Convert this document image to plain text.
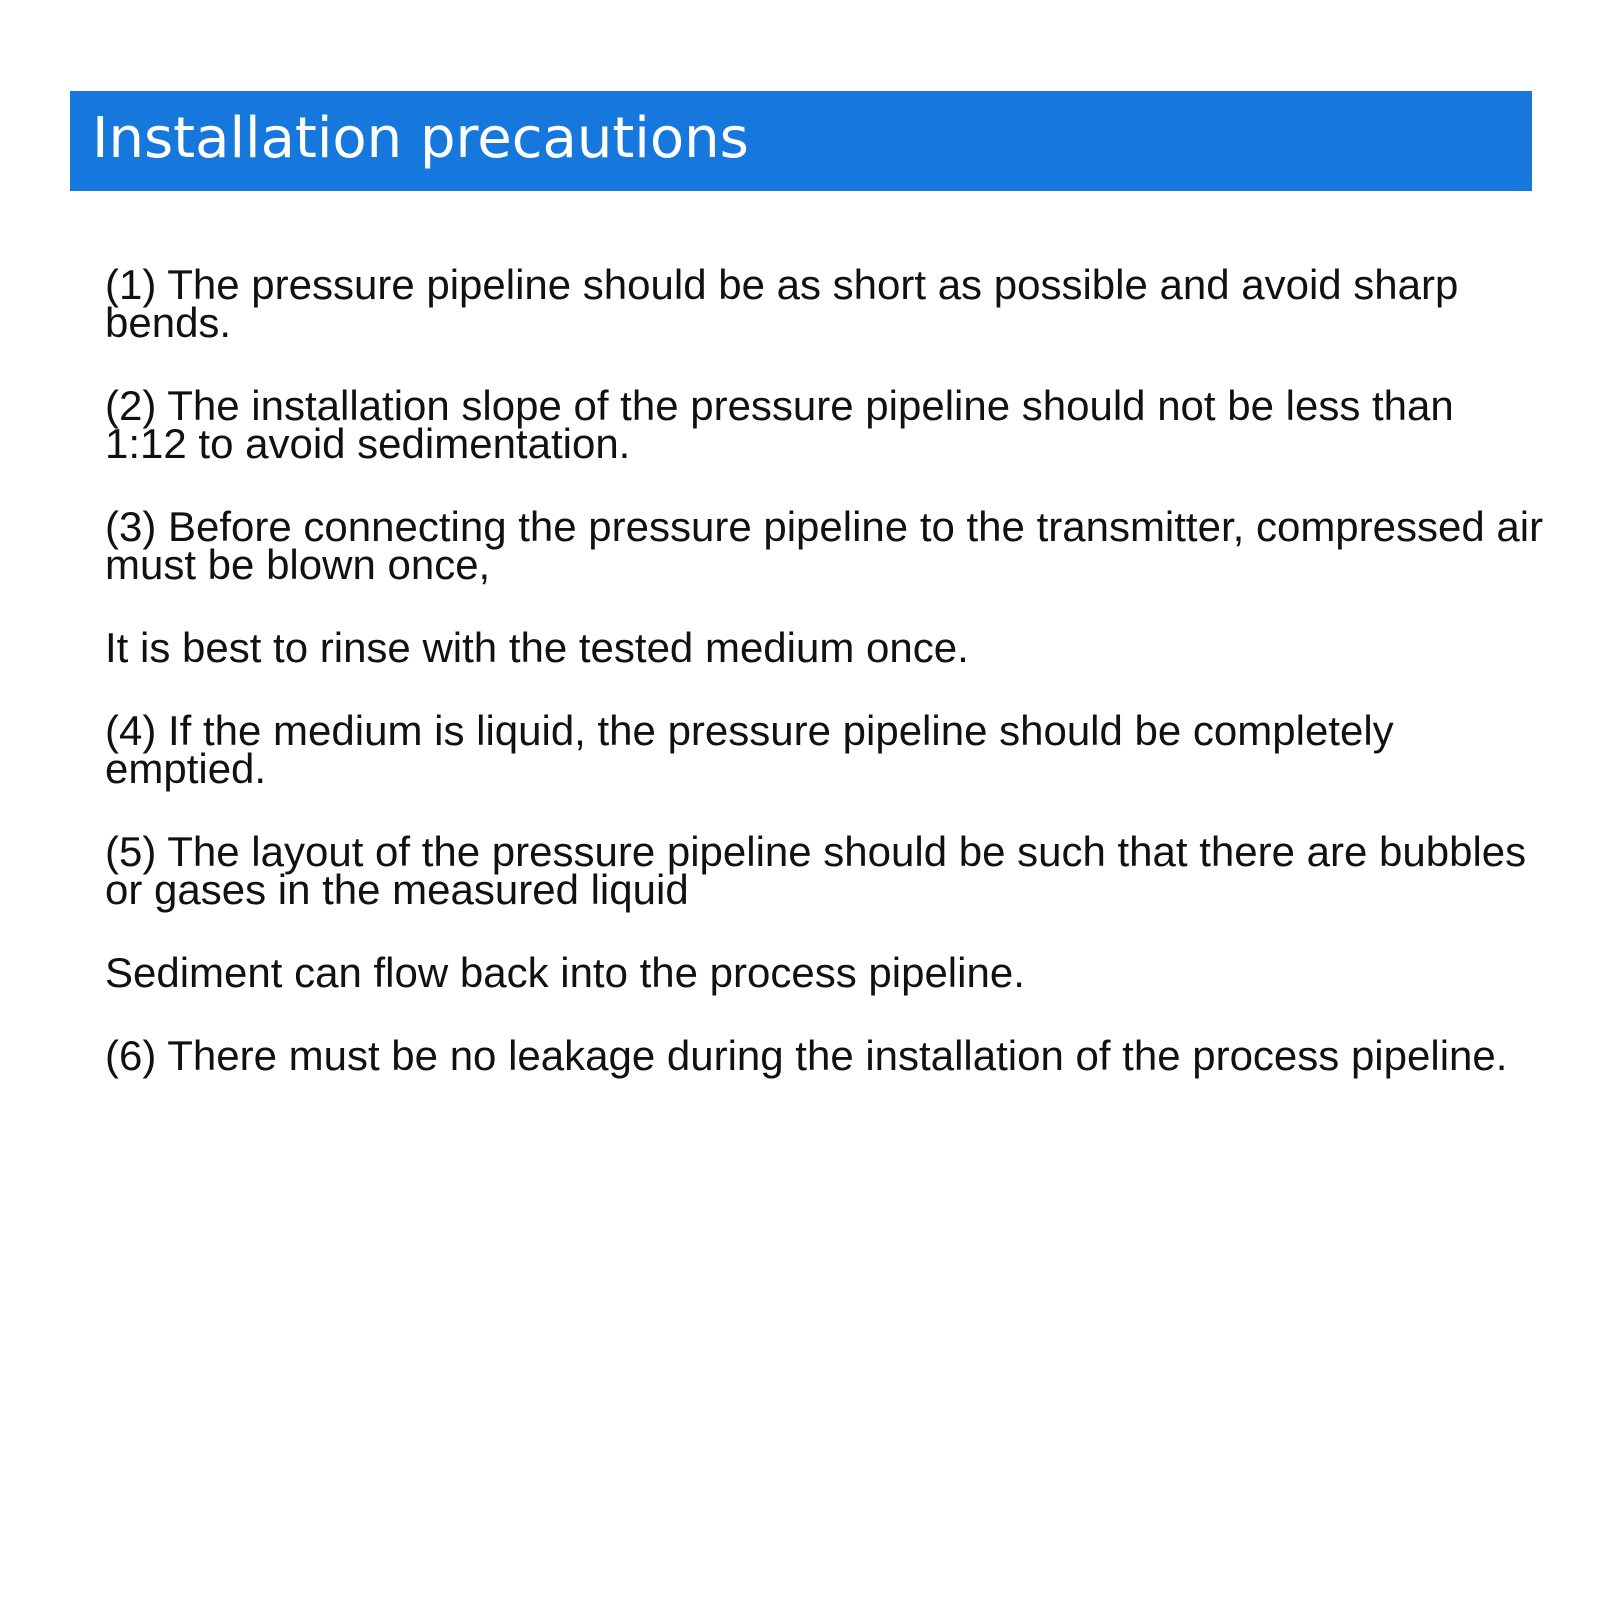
Installation precautions

(1) The pressure pipeline should be as short as possible and avoid sharp bends.

(2) The installation slope of the pressure pipeline should not be less than 1:12 to avoid sedimentation.

(3) Before connecting the pressure pipeline to the transmitter, compressed air must be blown once,

It is best to rinse with the tested medium once.

(4) If the medium is liquid, the pressure pipeline should be completely emptied.

(5) The layout of the pressure pipeline should be such that there are bubbles or gases in the measured liquid

Sediment can flow back into the process pipeline.

(6) There must be no leakage during the installation of the process pipeline.
